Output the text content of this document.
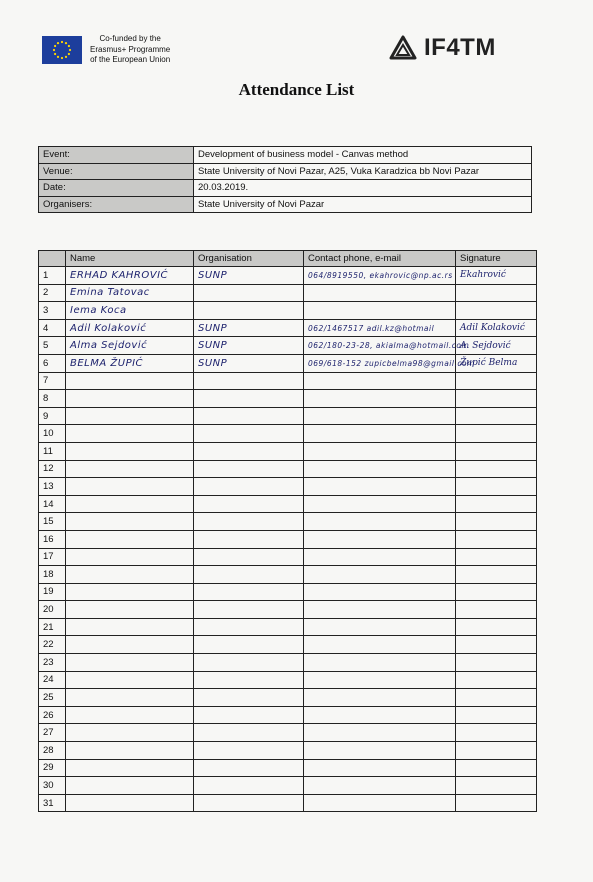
Co-funded by the
Erasmus+ Programme
of the European Union	IF4TM
Attendance List
Event:	Development of business model - Canvas method
Venue:	State University of Novi Pazar, A25, Vuka Karadzica bb Novi Pazar
Date:	20.03.2019.
Organisers:	State University of Novi Pazar
	Name	Organisation	Contact phone, e-mail	Signature
1	ERHAD KAHROVIĆ	SUNP	064/8919550, ekahrovic@np.ac.rs	Ekahrović
2	Emina Tatovac			
3	Iema Koca			
4	Adil Kolaković	SUNP	062/1467517 adil.kz@hotmail	Adil Kolaković
5	Alma Sejdović	SUNP	062/180-23-28, akialma@hotmail.com	A. Sejdović
6	BELMA ŽUPIĆ	SUNP	069/618-152 zupicbelma98@gmail.com	Župić Belma
7				
8				
9				
10				
11				
12				
13				
14				
15				
16				
17				
18				
19				
20				
21				
22				
23				
24				
25				
26				
27				
28				
29				
30				
31				
